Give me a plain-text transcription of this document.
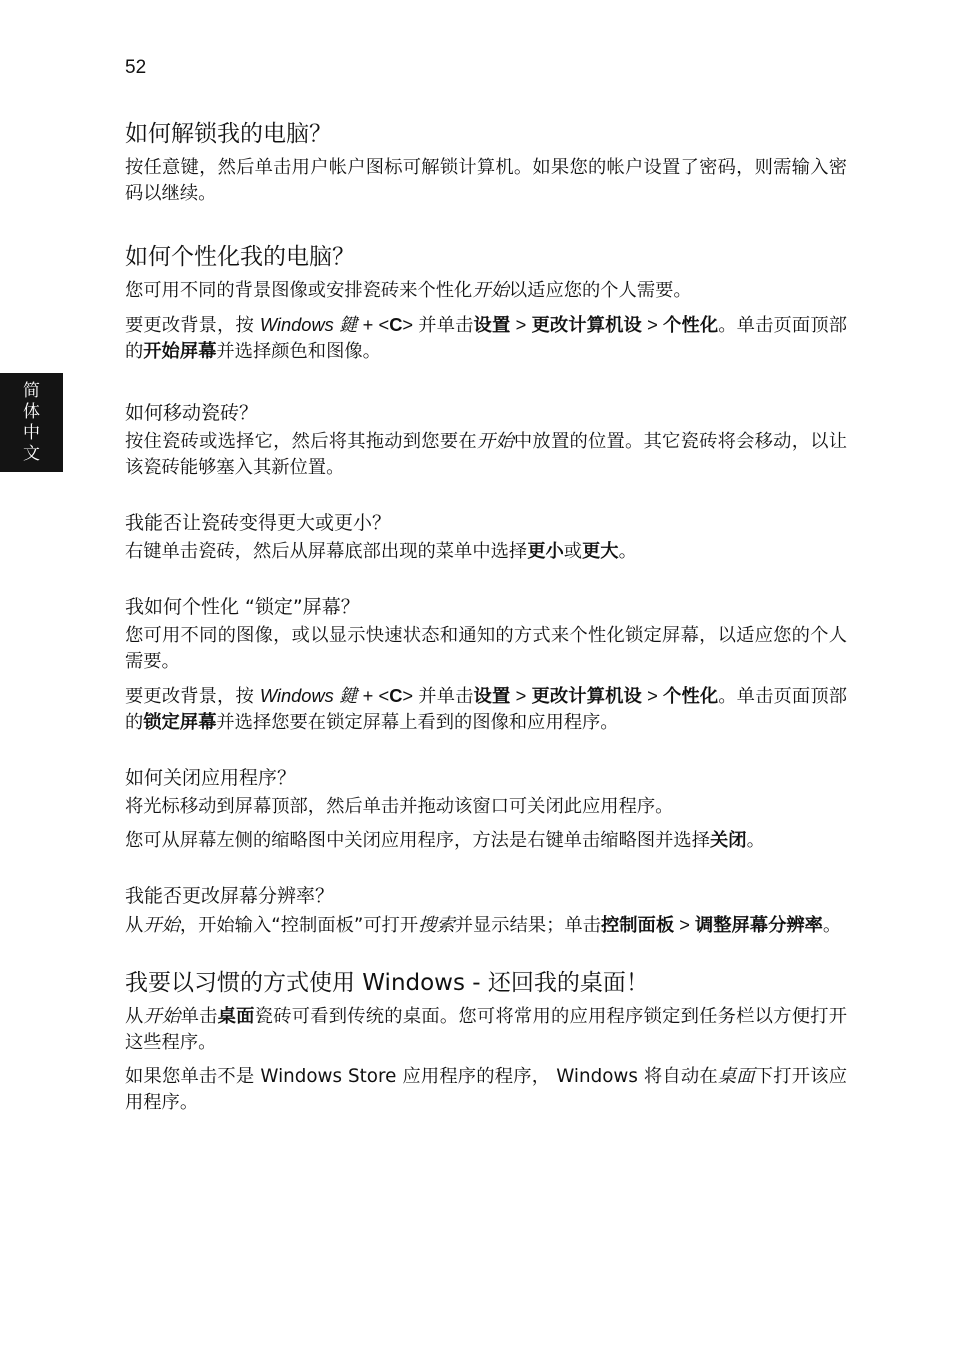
52
简
体
中
文
如何解锁我的电脑？

按任意键，然后单击用户帐户图标可解锁计算机。如果您的帐户设置了密码，则需输入密码以继续。

如何个性化我的电脑？

您可用不同的背景图像或安排瓷砖来个性化开始以适应您的个人需要。

要更改背景，按 Windows 鍵 + <C> 并单击设置 > 更改计算机设 > 个性化。单击页面顶部的开始屏幕并选择颜色和图像。

如何移动瓷砖？

按住瓷砖或选择它，然后将其拖动到您要在开始中放置的位置。其它瓷砖将会移动，以让该瓷砖能够塞入其新位置。

我能否让瓷砖变得更大或更小？

右键单击瓷砖，然后从屏幕底部出现的菜单中选择更小或更大。

我如何个性化 “锁定”屏幕？

您可用不同的图像，或以显示快速状态和通知的方式来个性化锁定屏幕，以适应您的个人需要。

要更改背景，按 Windows 鍵 + <C> 并单击设置 > 更改计算机设 > 个性化。单击页面顶部的锁定屏幕并选择您要在锁定屏幕上看到的图像和应用程序。

如何关闭应用程序？

将光标移动到屏幕顶部，然后单击并拖动该窗口可关闭此应用程序。

您可从屏幕左侧的缩略图中关闭应用程序，方法是右键单击缩略图并选择关闭。

我能否更改屏幕分辨率？

从开始，开始输入“控制面板”可打开搜索并显示结果；单击控制面板 > 调整屏幕分辨率。

我要以习惯的方式使用 Windows - 还回我的桌面！

从开始单击桌面瓷砖可看到传统的桌面。您可将常用的应用程序锁定到任务栏以方便打开这些程序。

如果您单击不是 Windows Store 应用程序的程序， Windows 将自动在桌面下打开该应用程序。
